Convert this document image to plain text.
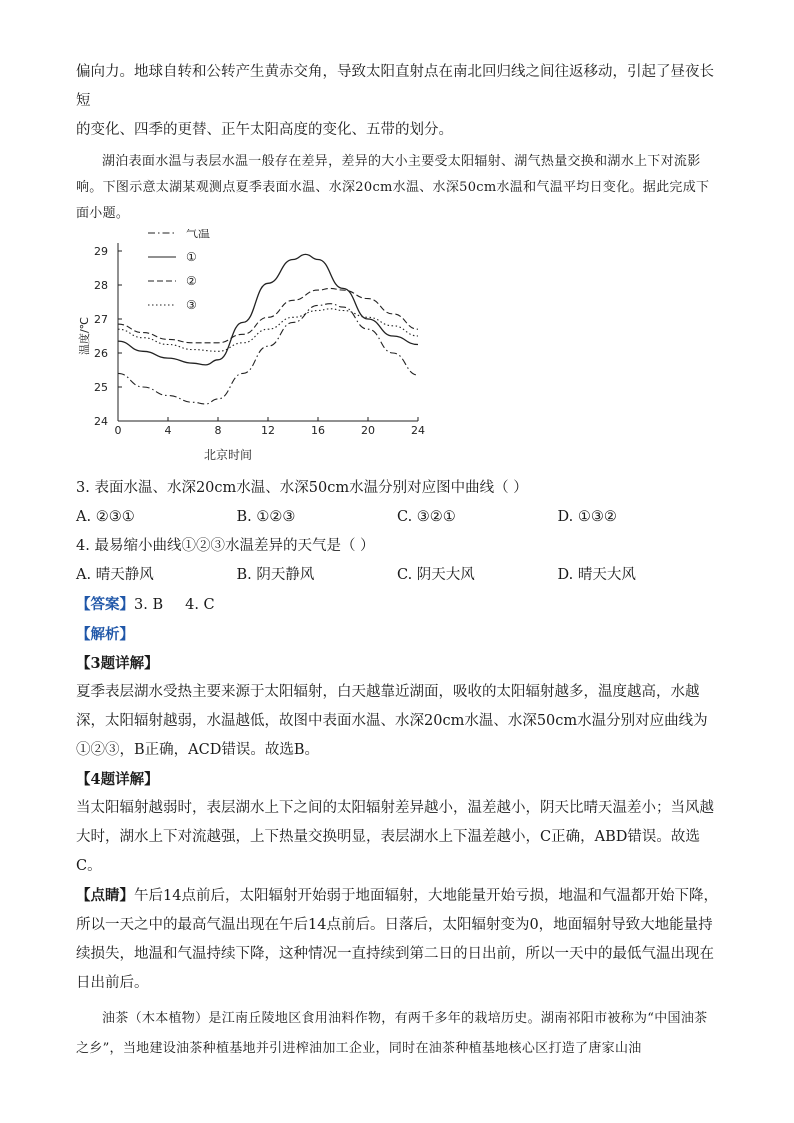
偏向力。地球自转和公转产生黄赤交角，导致太阳直射点在南北回归线之间往返移动，引起了昼夜长短

的变化、四季的更替、正午太阳高度的变化、五带的划分。

湖泊表面水温与表层水温一般存在差异，差异的大小主要受太阳辐射、湖气热量交换和湖水上下对流影响。下图示意太湖某观测点夏季表面水温、水深20cm水温、水深50cm水温和气温平均日变化。据此完成下面小题。

0	4	8	12	16	20	24
24
25
26
27
28
29
温度/℃
北京时间
气温
①
②
③

3. 表面水温、水深20cm水温、水深50cm水温分别对应图中曲线（ ）

A. ②③①	B. ①②③	C. ③②①	D. ①③②

4. 最易缩小曲线①②③水温差异的天气是（ ）

A. 晴天静风	B. 阴天静风	C. 阴天大风	D. 晴天大风

【答案】3. B 4. C

【解析】

【3题详解】

夏季表层湖水受热主要来源于太阳辐射，白天越靠近湖面，吸收的太阳辐射越多，温度越高，水越深，太阳辐射越弱，水温越低，故图中表面水温、水深20cm水温、水深50cm水温分别对应曲线为①②③，B正确，ACD错误。故选B。

【4题详解】

当太阳辐射越弱时，表层湖水上下之间的太阳辐射差异越小，温差越小，阴天比晴天温差小；当风越大时，湖水上下对流越强，上下热量交换明显，表层湖水上下温差越小，C正确，ABD错误。故选C。

【点睛】午后14点前后，太阳辐射开始弱于地面辐射，大地能量开始亏损，地温和气温都开始下降，所以一天之中的最高气温出现在午后14点前后。日落后，太阳辐射变为0，地面辐射导致大地能量持续损失，地温和气温持续下降，这种情况一直持续到第二日的日出前，所以一天中的最低气温出现在日出前后。

油茶（木本植物）是江南丘陵地区食用油料作物，有两千多年的栽培历史。湖南祁阳市被称为“中国油茶之乡”，当地建设油茶种植基地并引进榨油加工企业，同时在油茶种植基地核心区打造了唐家山油
